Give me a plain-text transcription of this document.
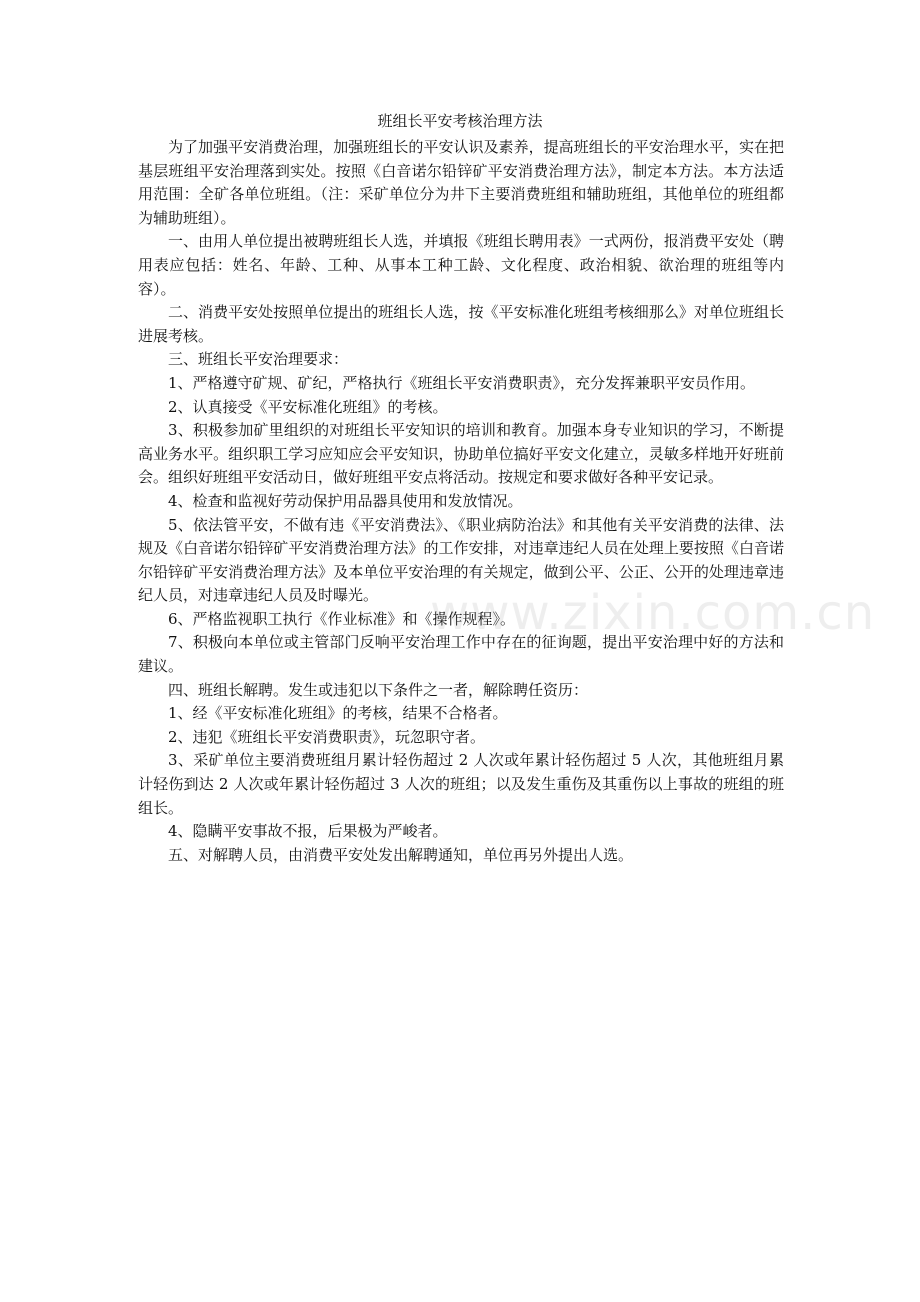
班组长平安考核治理方法

为了加强平安消费治理，加强班组长的平安认识及素养，提高班组长的平安治理水平，实在把基层班组平安治理落到实处。按照《白音诺尔铅锌矿平安消费治理方法》，制定本方法。本方法适用范围：全矿各单位班组。（注：采矿单位分为井下主要消费班组和辅助班组，其他单位的班组都为辅助班组）。

一、由用人单位提出被聘班组长人选，并填报《班组长聘用表》一式两份，报消费平安处（聘用表应包括：姓名、年龄、工种、从事本工种工龄、文化程度、政治相貌、欲治理的班组等内容）。

二、消费平安处按照单位提出的班组长人选，按《平安标准化班组考核细那么》对单位班组长进展考核。

三、班组长平安治理要求：

1、严格遵守矿规、矿纪，严格执行《班组长平安消费职责》，充分发挥兼职平安员作用。

2、认真接受《平安标准化班组》的考核。

3、积极参加矿里组织的对班组长平安知识的培训和教育。加强本身专业知识的学习，不断提高业务水平。组织职工学习应知应会平安知识，协助单位搞好平安文化建立，灵敏多样地开好班前会。组织好班组平安活动日，做好班组平安点将活动。按规定和要求做好各种平安记录。

4、检查和监视好劳动保护用品器具使用和发放情况。

5、依法管平安，不做有违《平安消费法》、《职业病防治法》和其他有关平安消费的法律、法规及《白音诺尔铅锌矿平安消费治理方法》的工作安排，对违章违纪人员在处理上要按照《白音诺尔铅锌矿平安消费治理方法》及本单位平安治理的有关规定，做到公平、公正、公开的处理违章违纪人员，对违章违纪人员及时曝光。

6、严格监视职工执行《作业标准》和《操作规程》。

7、积极向本单位或主管部门反响平安治理工作中存在的征询题，提出平安治理中好的方法和建议。

四、班组长解聘。发生或违犯以下条件之一者，解除聘任资历：

1、经《平安标准化班组》的考核，结果不合格者。

2、违犯《班组长平安消费职责》，玩忽职守者。

3、采矿单位主要消费班组月累计轻伤超过 2 人次或年累计轻伤超过 5 人次，其他班组月累计轻伤到达 2 人次或年累计轻伤超过 3 人次的班组；以及发生重伤及其重伤以上事故的班组的班组长。

4、隐瞒平安事故不报，后果极为严峻者。

五、对解聘人员，由消费平安处发出解聘通知，单位再另外提出人选。

www.zixin.com.cn
